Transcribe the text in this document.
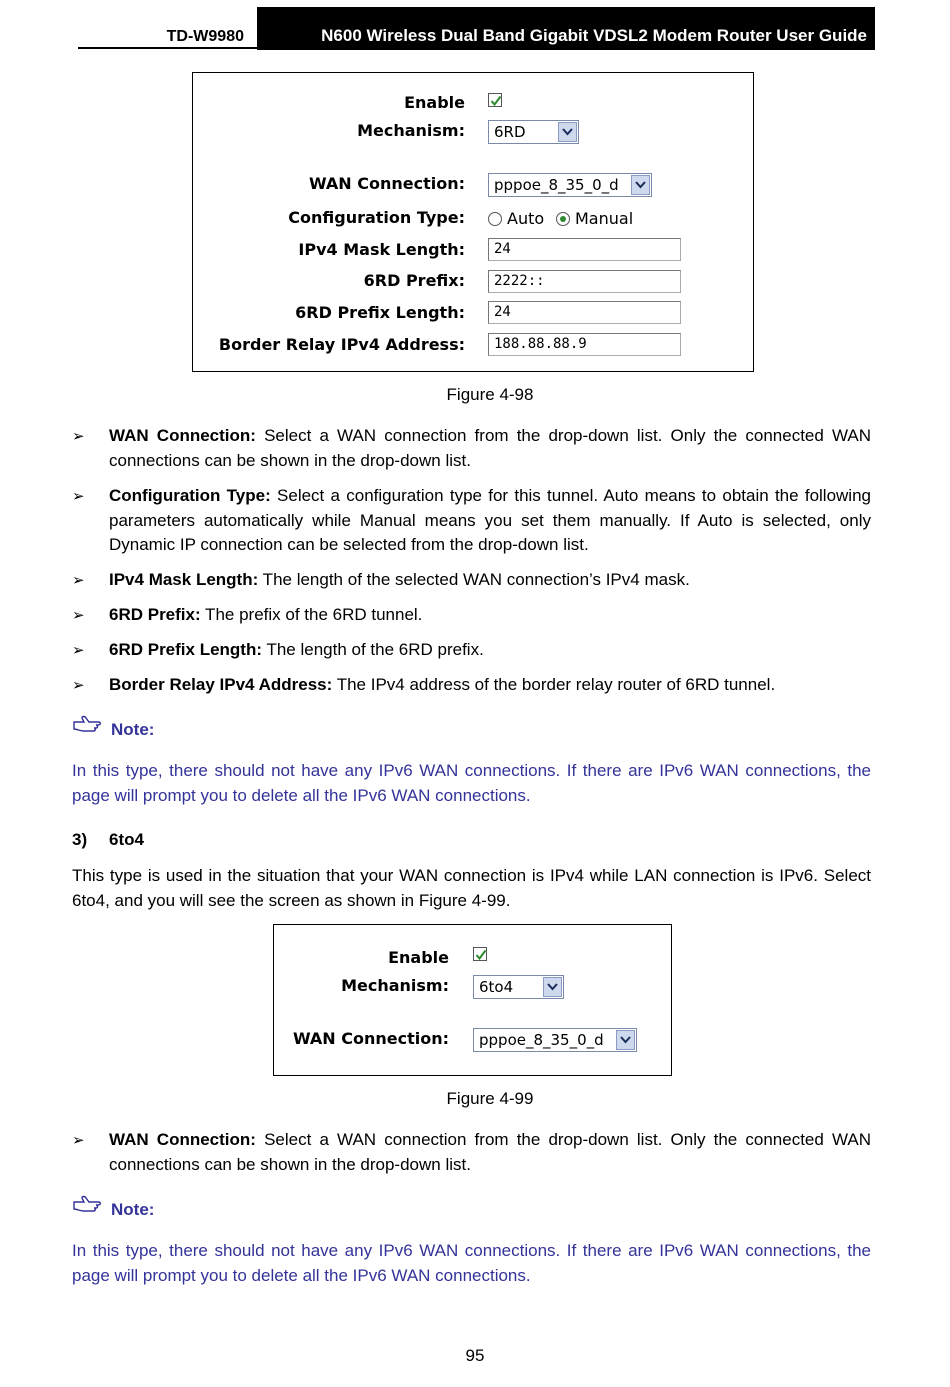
TD-W9980	N600 Wireless Dual Band Gigabit VDSL2 Modem Router User Guide
Enable
Mechanism:	6RD
WAN Connection:	pppoe_8_35_0_d
Configuration Type:	Auto Manual
IPv4 Mask Length:	24
6RD Prefix:	2222::
6RD Prefix Length:	24
Border Relay IPv4 Address:	188.88.88.9
Figure 4-98
➢ WAN Connection: Select a WAN connection from the drop-down list. Only the connected WAN connections can be shown in the drop-down list.
➢ Configuration Type: Select a configuration type for this tunnel. Auto means to obtain the following parameters automatically while Manual means you set them manually. If Auto is selected, only Dynamic IP connection can be selected from the drop-down list.
➢ IPv4 Mask Length: The length of the selected WAN connection’s IPv4 mask.
➢ 6RD Prefix: The prefix of the 6RD tunnel.
➢ 6RD Prefix Length: The length of the 6RD prefix.
➢ Border Relay IPv4 Address: The IPv4 address of the border relay router of 6RD tunnel.
Note:
In this type, there should not have any IPv6 WAN connections. If there are IPv6 WAN connections, the page will prompt you to delete all the IPv6 WAN connections.
3) 6to4
This type is used in the situation that your WAN connection is IPv4 while LAN connection is IPv6. Select 6to4, and you will see the screen as shown in Figure 4-99.
Enable
Mechanism:	6to4
WAN Connection:	pppoe_8_35_0_d
Figure 4-99
➢ WAN Connection: Select a WAN connection from the drop-down list. Only the connected WAN connections can be shown in the drop-down list.
Note:
In this type, there should not have any IPv6 WAN connections. If there are IPv6 WAN connections, the page will prompt you to delete all the IPv6 WAN connections.
95
